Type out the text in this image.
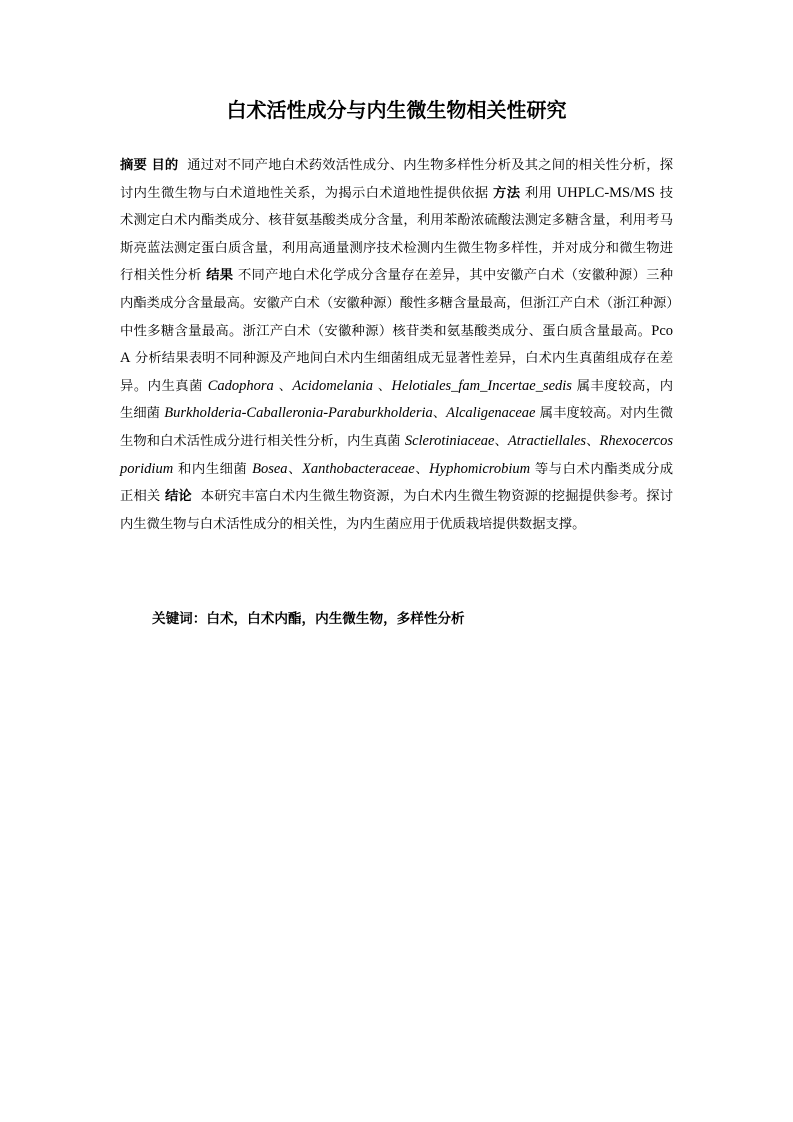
白术活性成分与内生微生物相关性研究
摘要 目的 通过对不同产地白术药效活性成分、内生物多样性分析及其之间的相关性分析，探讨内生微生物与白术道地性关系，为揭示白术道地性提供依据 方法 利用 UHPLC-MS/MS 技术测定白术内酯类成分、核苷氨基酸类成分含量，利用苯酚浓硫酸法测定多糖含量，利用考马斯亮蓝法测定蛋白质含量，利用高通量测序技术检测内生微生物多样性，并对成分和微生物进行相关性分析 结果 不同产地白术化学成分含量存在差异，其中安徽产白术（安徽种源）三种内酯类成分含量最高。安徽产白术（安徽种源）酸性多糖含量最高，但浙江产白术（浙江种源）中性多糖含量最高。浙江产白术（安徽种源）核苷类和氨基酸类成分、蛋白质含量最高。PcoA 分析结果表明不同种源及产地间白术内生细菌组成无显著性差异，白术内生真菌组成存在差异。内生真菌 Cadophora 、Acidomelania 、Helotiales_fam_Incertae_sedis 属丰度较高，内生细菌 Burkholderia-Caballeronia-Paraburkholderia、Alcaligenaceae 属丰度较高。对内生微生物和白术活性成分进行相关性分析，内生真菌 Sclerotiniaceae、Atractiellales、Rhexocercosporidium 和内生细菌 Bosea、Xanthobacteraceae、Hyphomicrobium 等与白术内酯类成分成正相关 结论 本研究丰富白术内生微生物资源，为白术内生微生物资源的挖掘提供参考。探讨内生微生物与白术活性成分的相关性，为内生菌应用于优质栽培提供数据支撑。
关键词：白术，白术内酯，内生微生物，多样性分析
